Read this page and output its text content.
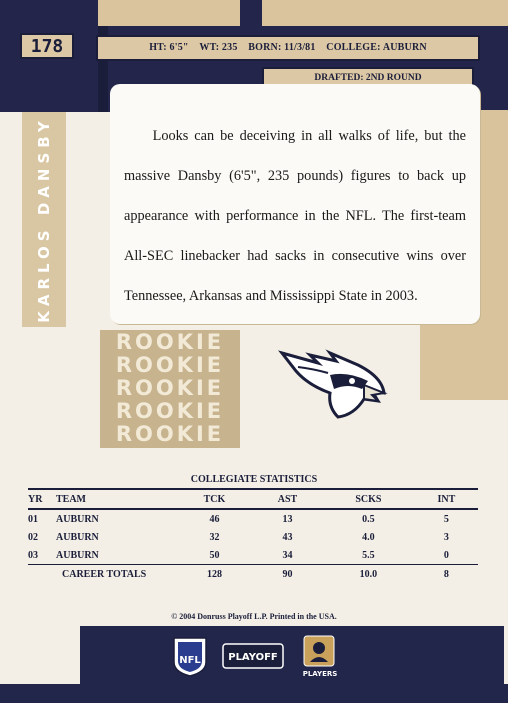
178	HT: 6'5" WT: 235 BORN: 11/3/81 COLLEGE: AUBURN
DRAFTED: 2ND ROUND
KARLOS DANSBY	Looks can be deceiving in all walks of life, but the massive Dansby (6'5", 235 pounds) figures to back up appearance with performance in the NFL. The first-team All-SEC linebacker had sacks in consecutive wins over Tennessee, Arkansas and Mississippi State in 2003.
ROOKIE
ROOKIE
ROOKIE
ROOKIE
ROOKIE
COLLEGIATE STATISTICS
YR	TEAM	TCK	AST	SCKS	INT
01	AUBURN	46	13	0.5	5
02	AUBURN	32	43	4.0	3
03	AUBURN	50	34	5.5	0
CAREER TOTALS		128	90	10.0	8
© 2004 Donruss Playoff L.P. Printed in the USA.
NFL	PLAYOFF
PLAYERS
